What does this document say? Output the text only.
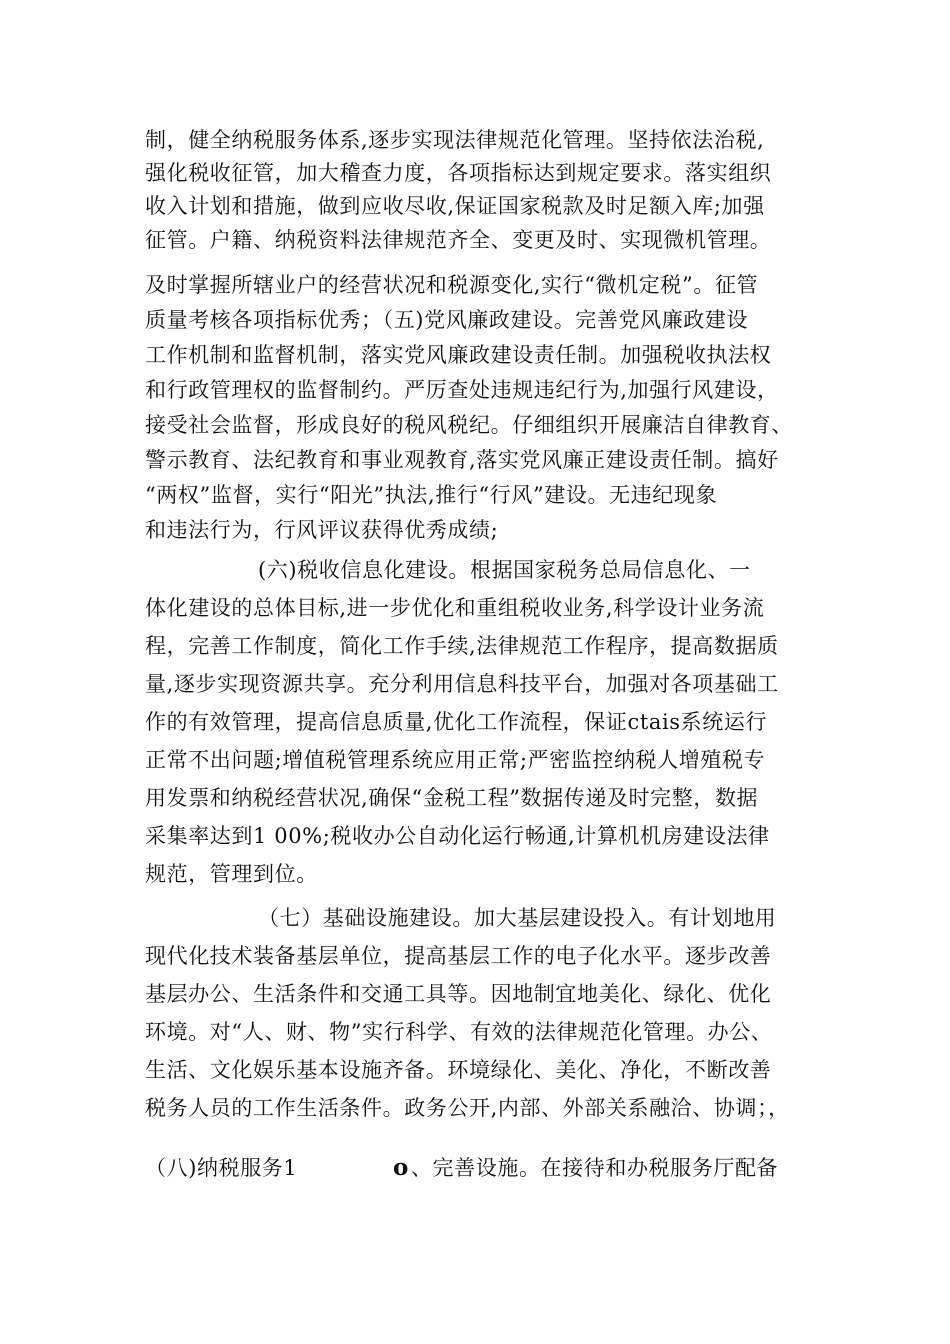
制，健全纳税服务体系,逐步实现法律规范化管理。坚持依法治税,
强化税收征管，加大稽查力度，各项指标达到规定要求。落实组织
收入计划和措施，做到应收尽收,保证国家税款及时足额入库;加强
征管。户籍、纳税资料法律规范齐全、变更及时、实现微机管理。
及时掌握所辖业户的经营状况和税源变化,实行“微机定税”。征管
质量考核各项指标优秀；（五)党风廉政建设。完善党风廉政建设
工作机制和监督机制，落实党风廉政建设责任制。加强税收执法权
和行政管理权的监督制约。严厉查处违规违纪行为,加强行风建设，
接受社会监督，形成良好的税风税纪。仔细组织开展廉洁自律教育、
警示教育、法纪教育和事业观教育,落实党风廉正建设责任制。搞好
“两权”监督，实行“阳光”执法,推行“行风”建设。无违纪现象
和违法行为，行风评议获得优秀成绩;
(六)税收信息化建设。根据国家税务总局信息化、一
体化建设的总体目标,进一步优化和重组税收业务,科学设计业务流
程，完善工作制度，简化工作手续,法律规范工作程序，提高数据质
量,逐步实现资源共享。充分利用信息科技平台，加强对各项基础工
作的有效管理，提高信息质量,优化工作流程，保证ctais系统运行
正常不出问题;增值税管理系统应用正常;严密监控纳税人增殖税专
用发票和纳税经营状况,确保“金税工程”数据传递及时完整，数据
采集率达到1 00%;税收办公自动化运行畅通,计算机机房建设法律
规范，管理到位。
（七）基础设施建设。加大基层建设投入。有计划地用
现代化技术装备基层单位，提高基层工作的电子化水平。逐步改善
基层办公、生活条件和交通工具等。因地制宜地美化、绿化、优化
环境。对“人、财、物”实行科学、有效的法律规范化管理。办公、
生活、文化娱乐基本设施齐备。环境绿化、美化、净化，不断改善
税务人员的工作生活条件。政务公开,内部、外部关系融洽、协调；，
（八)纳税服务1	o、完善设施。在接待和办税服务厅配备
